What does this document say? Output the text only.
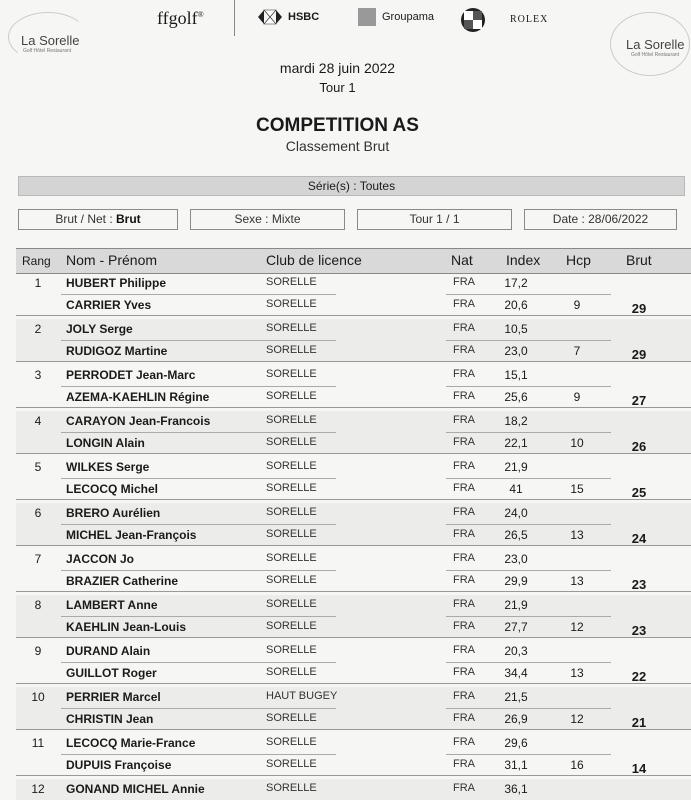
La Sorelle
Golf Hôtel Restaurant	La Sorelle
Golf Hôtel Restaurant
ffgolf®	HSBC	Groupama	ROLEX
mardi 28 juin 2022
Tour 1
COMPETITION AS
Classement Brut
Série(s) : Toutes
Brut / Net : Brut	Sexe : Mixte	Tour 1 / 1	Date : 28/06/2022
Rang Nom - Prénom	Club de licence	Nat Index Hcp	Brut
1	HUBERT Philippe	SORELLE	FRA	17,2
CARRIER Yves	SORELLE	FRA	20,6	9	29
2	JOLY Serge	SORELLE	FRA	10,5
RUDIGOZ Martine	SORELLE	FRA	23,0	7	29
3	PERRODET Jean-Marc	SORELLE	FRA	15,1
AZEMA-KAEHLIN Régine	SORELLE	FRA	25,6	9	27
4	CARAYON Jean-Francois	SORELLE	FRA	18,2
LONGIN Alain	SORELLE	FRA	22,1	10	26
5	WILKES Serge	SORELLE	FRA	21,9
LECOCQ Michel	SORELLE	FRA	41	15	25
6	BRERO Aurélien	SORELLE	FRA	24,0
MICHEL Jean-François	SORELLE	FRA	26,5	13	24
7	JACCON Jo	SORELLE	FRA	23,0
BRAZIER Catherine	SORELLE	FRA	29,9	13	23
8	LAMBERT Anne	SORELLE	FRA	21,9
KAEHLIN Jean-Louis	SORELLE	FRA	27,7	12	23
9	DURAND Alain	SORELLE	FRA	20,3
GUILLOT Roger	SORELLE	FRA	34,4	13	22
10 PERRIER Marcel	HAUT BUGEY	FRA	21,5
CHRISTIN Jean	SORELLE	FRA	26,9	12	21
11 LECOCQ Marie-France	SORELLE	FRA	29,6
DUPUIS Françoise	SORELLE	FRA	31,1	16	14
12 GONAND MICHEL Annie	SORELLE	FRA	36,1
